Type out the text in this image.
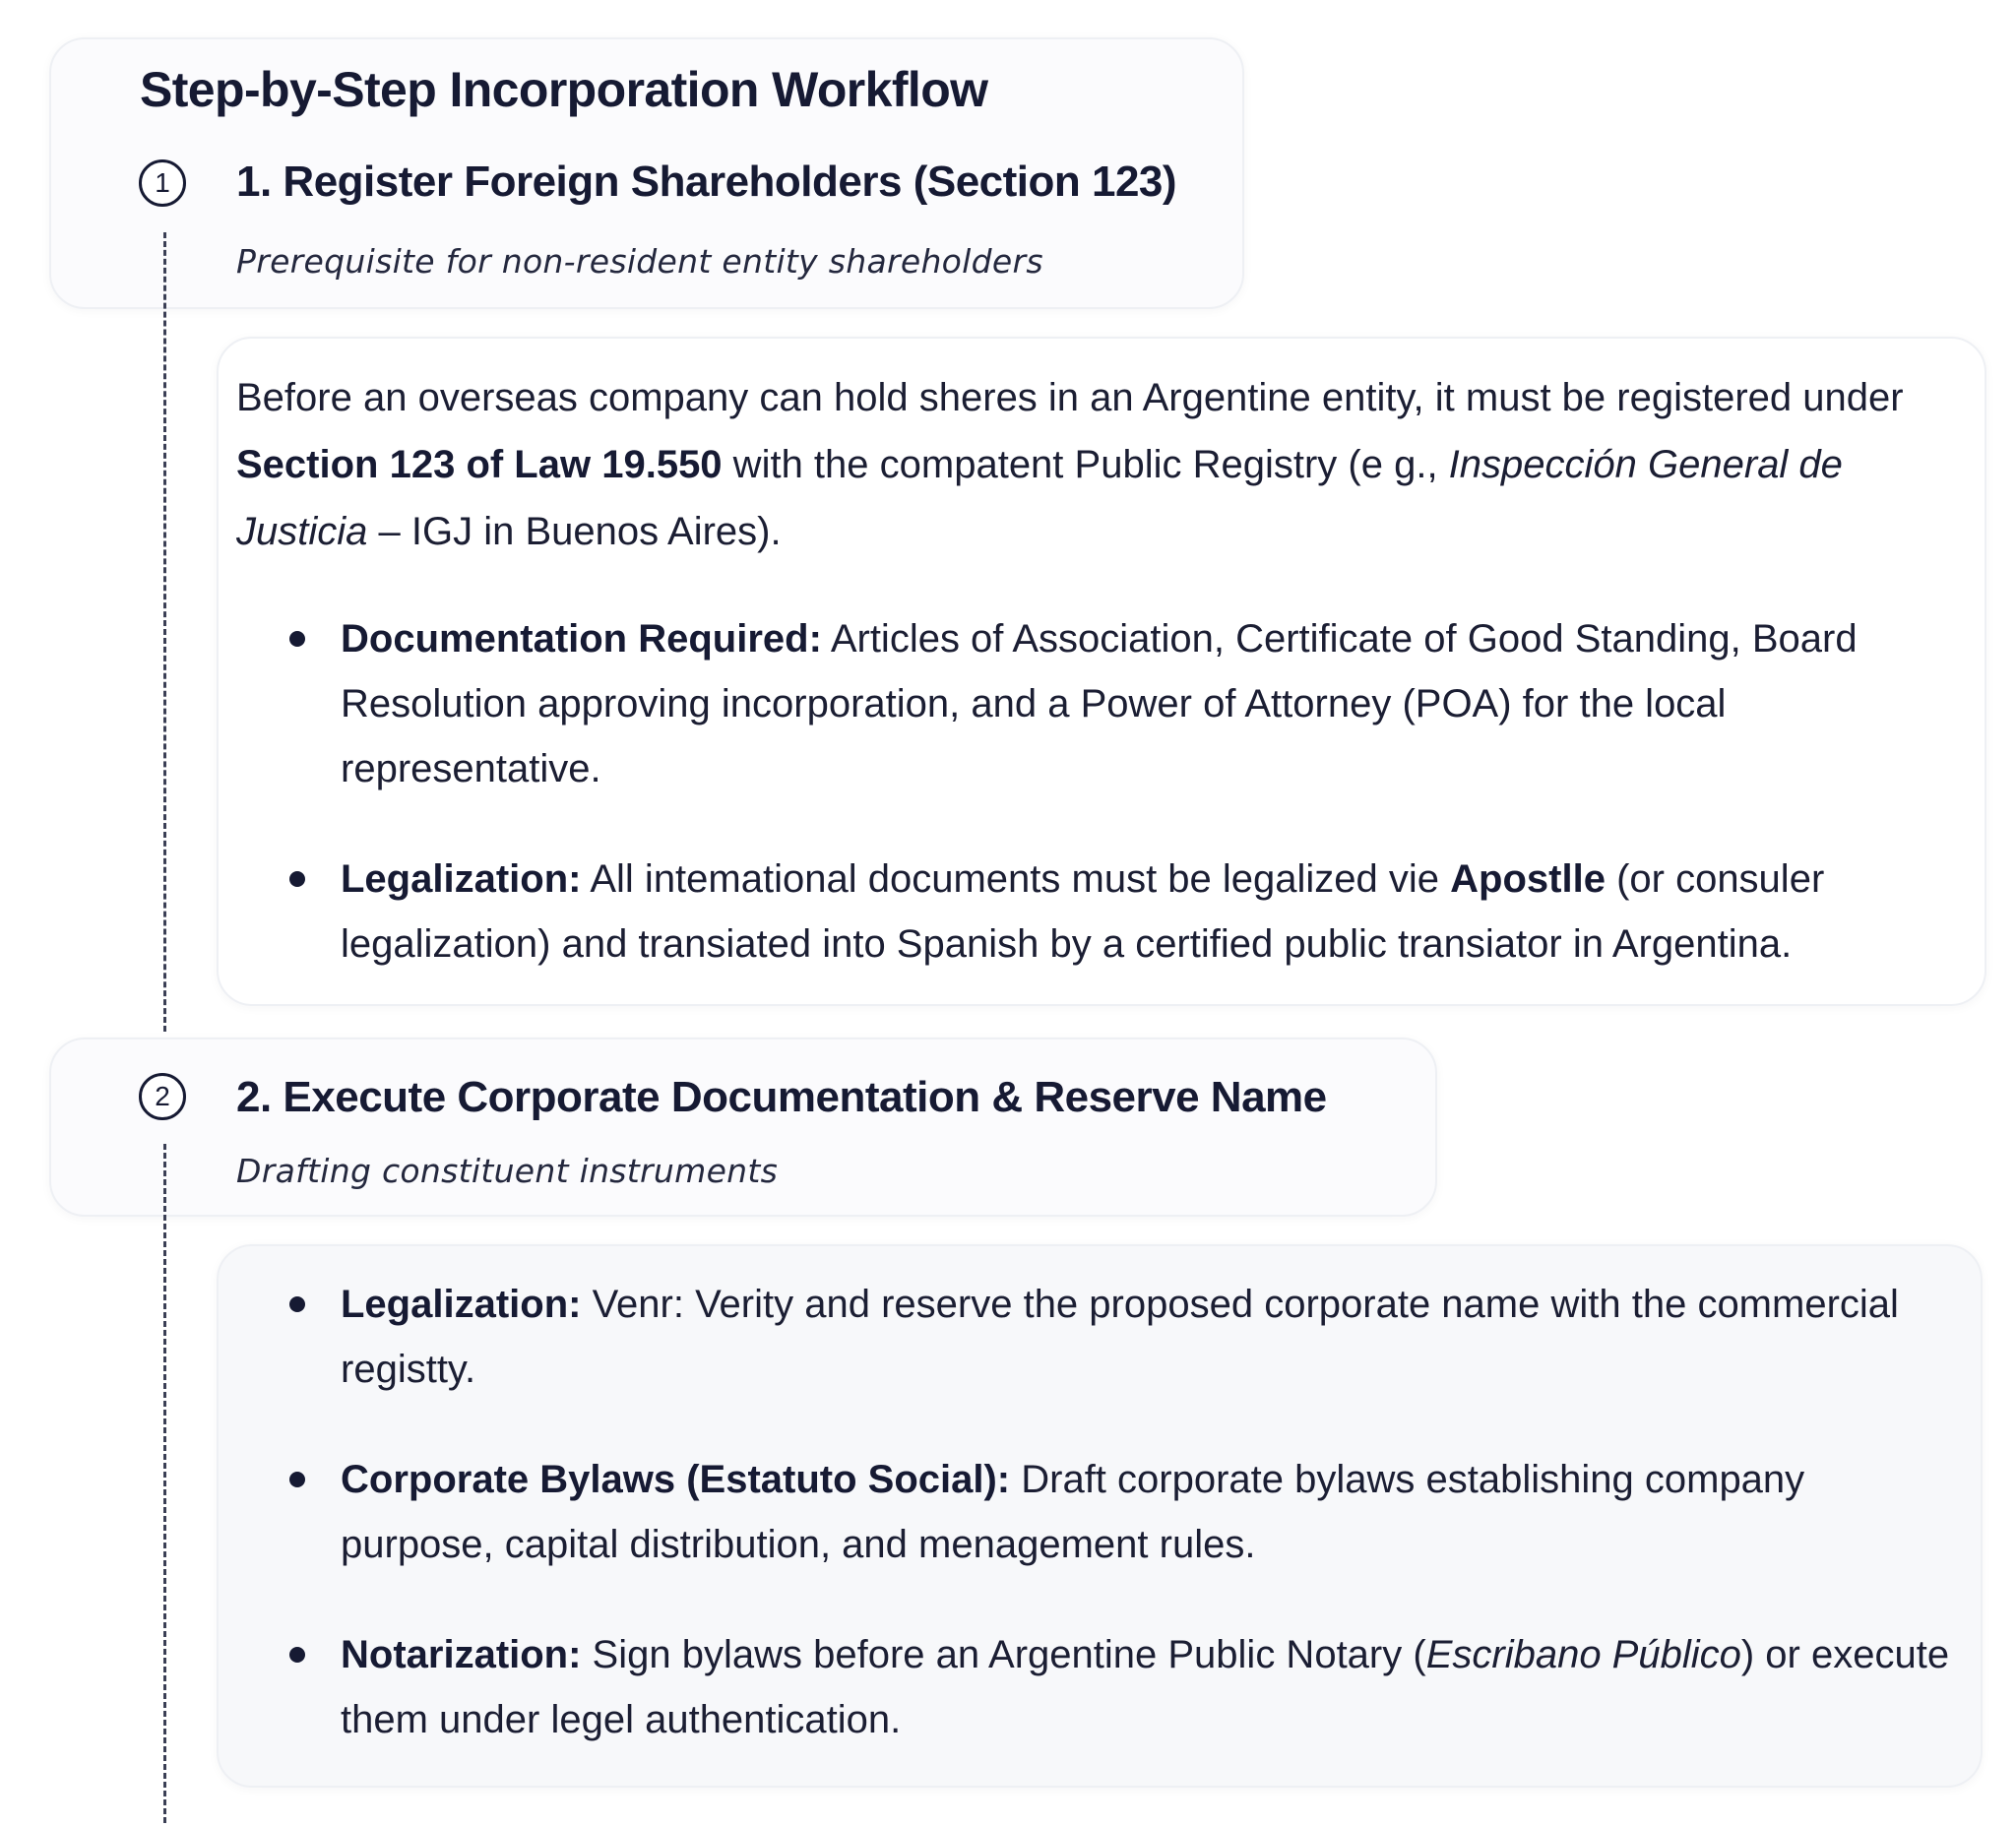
Step-by-Step Incorporation Workflow
1 1. Register Foreign Shareholders (Section 123)
Prerequisite for non-resident entity shareholders

Before an overseas company can hold sheres in an Argentine entity, it must be registered under Section 123 of Law 19.550 with the compatent Public Registry (e g., Inspección General de Justicia – IGJ in Buenos Aires).

Documentation Required: Articles of Association, Certificate of Good Standing, Board Resolution approving incorporation, and a Power of Attorney (POA) for the local representative.
Legalization: All intemational documents must be legalized vie Apostlle (or consuler legalization) and transiated into Spanish by a certified public transiator in Argentina.
2 2. Execute Corporate Documentation & Reserve Name
Drafting constituent instruments
Legalization: Venr: Verity and reserve the proposed corporate name with the commercial registty.
Corporate Bylaws (Estatuto Social): Draft corporate bylaws establishing company purpose, capital distribution, and menagement rules.
Notarization: Sign bylaws before an Argentine Public Notary (Escribano Público) or execute them under legel authentication.
